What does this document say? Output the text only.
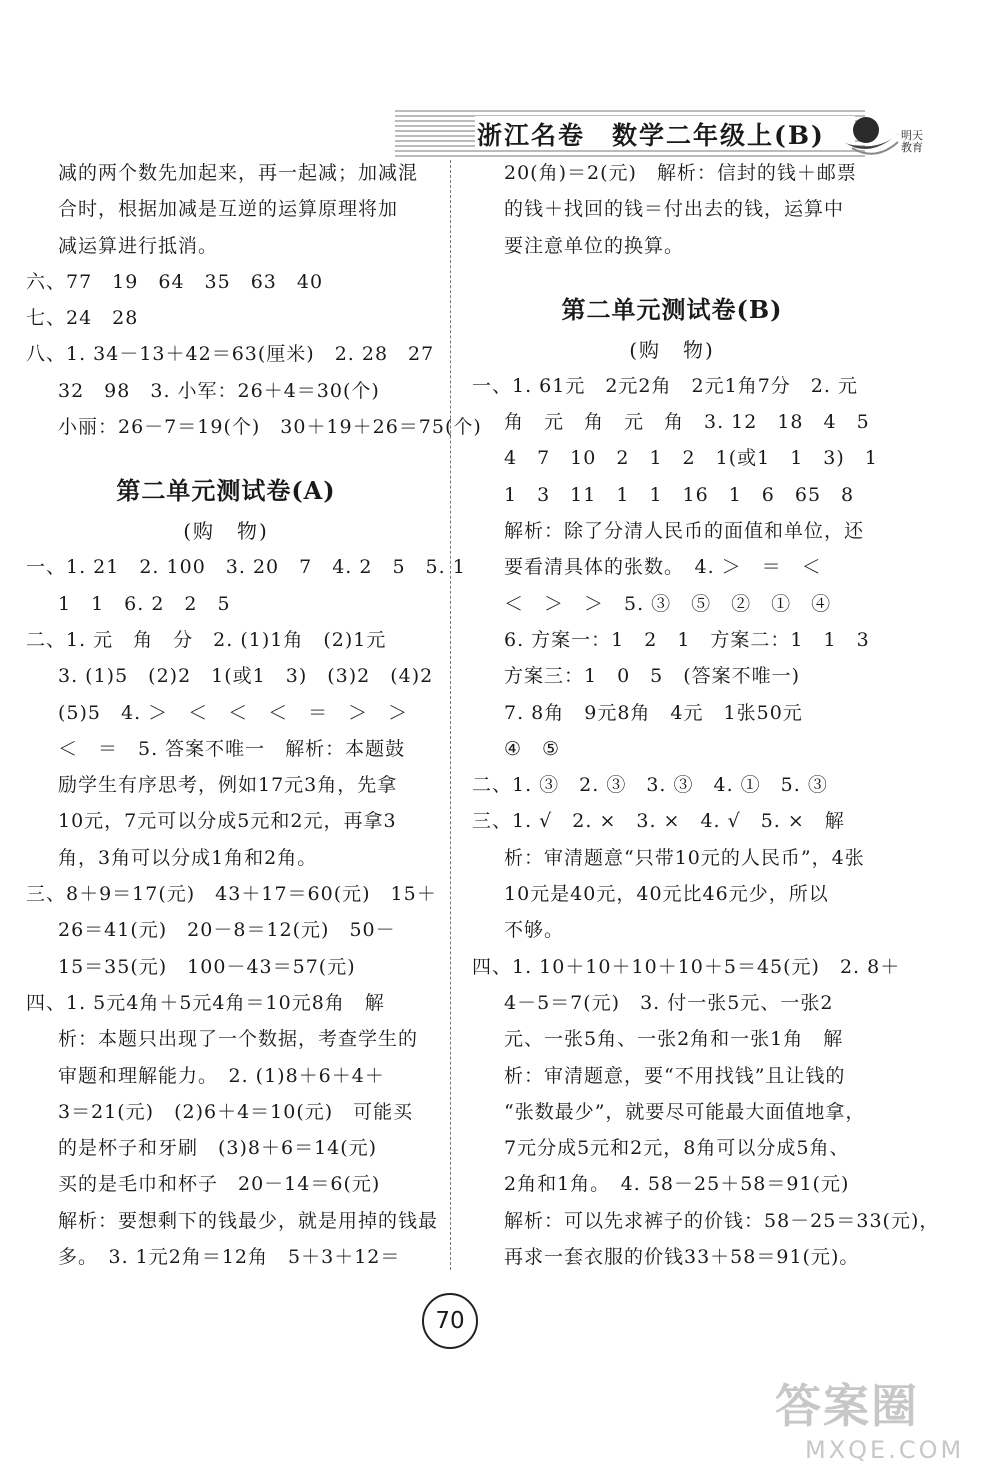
浙江名卷　数学二年级上(B)	明天教育
减的两个数先加起来，再一起减；加减混
合时，根据加减是互逆的运算原理将加
减运算进行抵消。
六、77　19　64　35　63　40
七、24　28
八、1. 34－13＋42＝63(厘米)　2. 28　27
32　98　3. 小军：26＋4＝30(个)
小丽：26－7＝19(个)　30＋19＋26＝75(个)
第二单元测试卷(A)
(购　物)
一、1. 21　2. 100　3. 20　7　4. 2　5　5. 1
1　1　6. 2　2　5
二、1. 元　角　分　2. (1)1角　(2)1元
3. (1)5　(2)2　1(或1　3)　(3)2　(4)2
(5)5　4. ＞　＜　＜　＜　＝　＞　＞
＜　＝　5. 答案不唯一　解析：本题鼓
励学生有序思考，例如17元3角，先拿
10元，7元可以分成5元和2元，再拿3
角，3角可以分成1角和2角。
三、8＋9＝17(元)　43＋17＝60(元)　15＋
26＝41(元)　20－8＝12(元)　50－
15＝35(元)　100－43＝57(元)
四、1. 5元4角＋5元4角＝10元8角　解
析：本题只出现了一个数据，考查学生的
审题和理解能力。　2. (1)8＋6＋4＋
3＝21(元)　(2)6＋4＝10(元)　可能买
的是杯子和牙刷　(3)8＋6＝14(元)
买的是毛巾和杯子　20－14＝6(元)
解析：要想剩下的钱最少，就是用掉的钱最
多。　3. 1元2角＝12角　5＋3＋12＝
20(角)＝2(元)　解析：信封的钱＋邮票
的钱＋找回的钱＝付出去的钱，运算中
要注意单位的换算。
第二单元测试卷(B)
(购　物)
一、1. 61元　2元2角　2元1角7分　2. 元
角　元　角　元　角　3. 12　18　4　5
4　7　10　2　1　2　1(或1　1　3)　1
1　3　11　1　1　16　1　6　65　8
解析：除了分清人民币的面值和单位，还
要看清具体的张数。　4. ＞　＝　＜
＜　＞　＞　5. ③　⑤　②　①　④
6. 方案一：1　2　1　方案二：1　1　3
方案三：1　0　5　(答案不唯一)
7. 8角　9元8角　4元　1张50元
④　⑤
二、1. ③　2. ③　3. ③　4. ①　5. ③
三、1. √　2. ×　3. ×　4. √　5. ×　解
析：审清题意“只带10元的人民币”，4张
10元是40元，40元比46元少，所以
不够。
四、1. 10＋10＋10＋10＋5＝45(元)　2. 8＋
4－5＝7(元)　3. 付一张5元、一张2
元、一张5角、一张2角和一张1角　解
析：审清题意，要“不用找钱”且让钱的
“张数最少”，就要尽可能最大面值地拿，
7元分成5元和2元，8角可以分成5角、
2角和1角。　4. 58－25＋58＝91(元)
解析：可以先求裤子的价钱：58－25＝33(元)，
再求一套衣服的价钱33＋58＝91(元)。
70
答案圈
MXQE.COM
